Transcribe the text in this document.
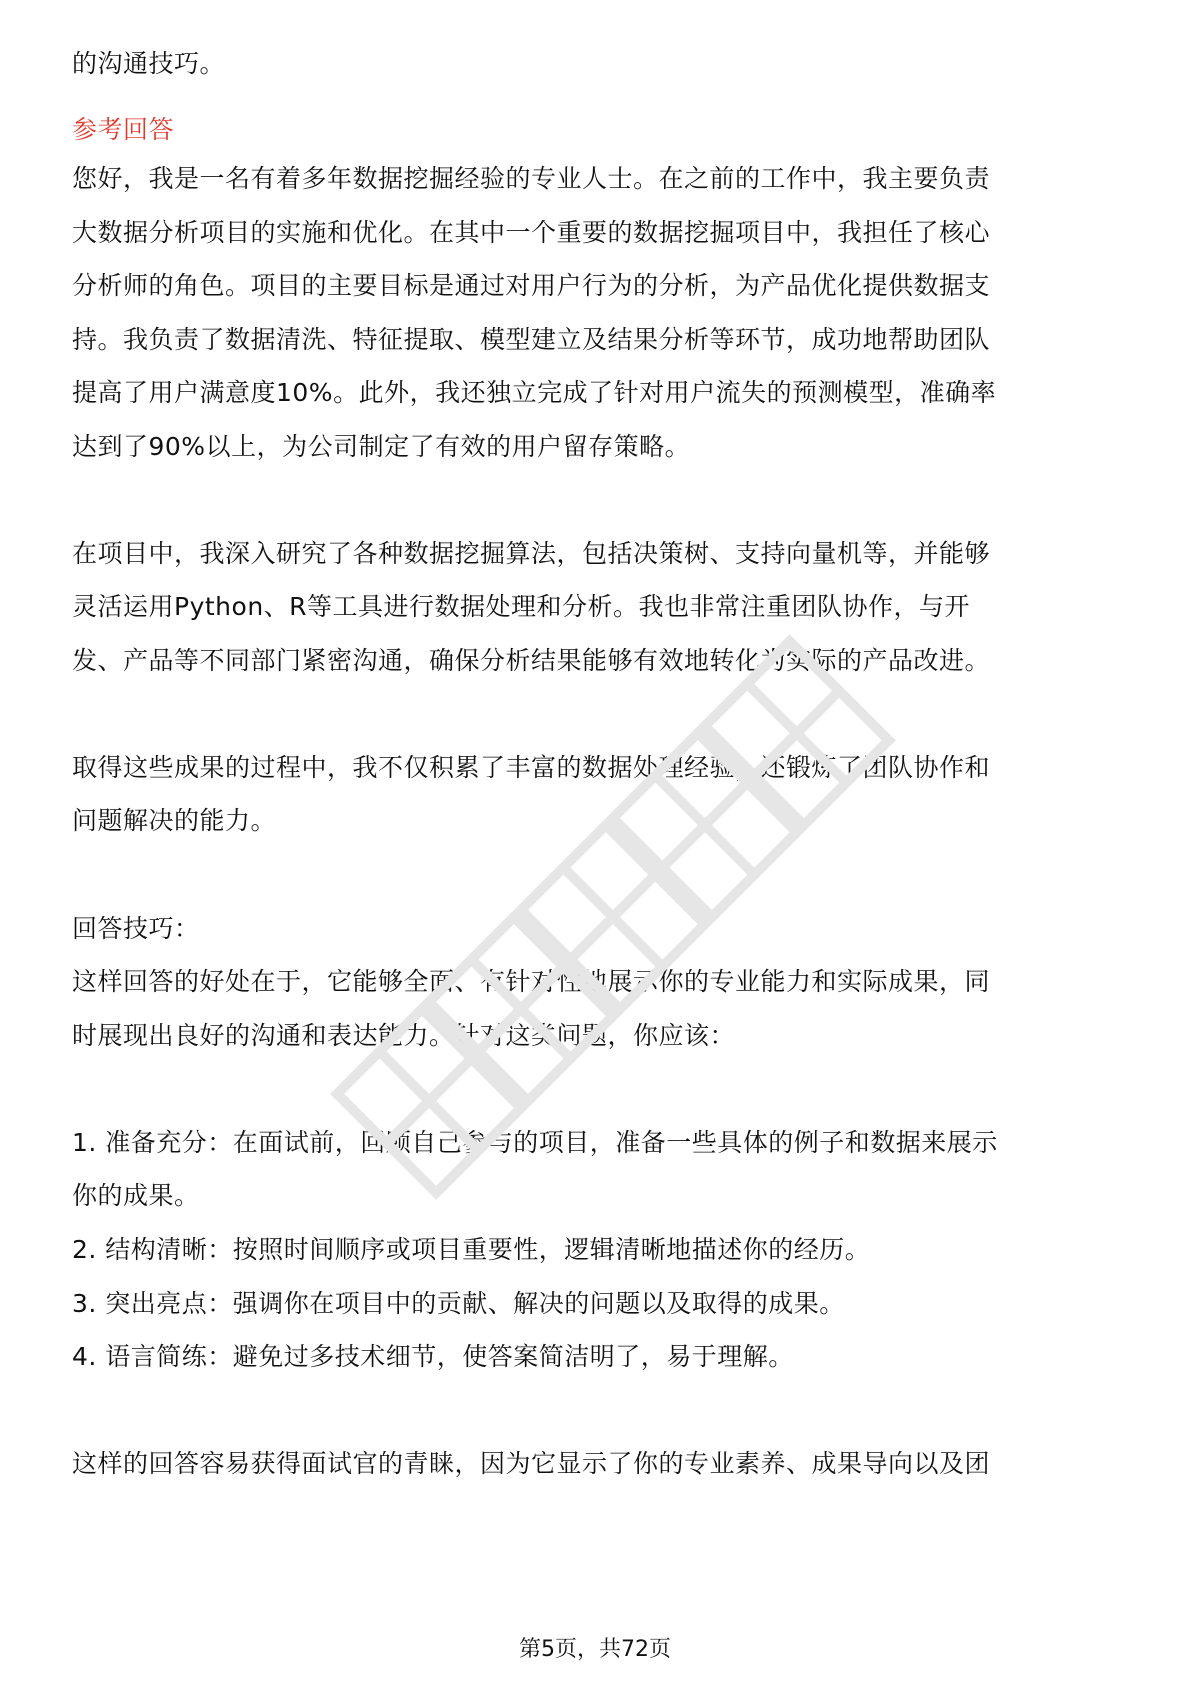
的沟通技巧。
参考回答
您好，我是一名有着多年数据挖掘经验的专业人士。在之前的工作中，我主要负责
大数据分析项目的实施和优化。在其中一个重要的数据挖掘项目中，我担任了核心
分析师的角色。项目的主要目标是通过对用户行为的分析，为产品优化提供数据支
持。我负责了数据清洗、特征提取、模型建立及结果分析等环节，成功地帮助团队
提高了用户满意度10%。此外，我还独立完成了针对用户流失的预测模型，准确率
达到了90%以上，为公司制定了有效的用户留存策略。
在项目中，我深入研究了各种数据挖掘算法，包括决策树、支持向量机等，并能够
灵活运用Python、R等工具进行数据处理和分析。我也非常注重团队协作，与开
发、产品等不同部门紧密沟通，确保分析结果能够有效地转化为实际的产品改进。
取得这些成果的过程中，我不仅积累了丰富的数据处理经验，还锻炼了团队协作和
问题解决的能力。
回答技巧：
这样回答的好处在于，它能够全面、有针对性地展示你的专业能力和实际成果，同
时展现出良好的沟通和表达能力。针对这类问题，你应该：
1. 准备充分：在面试前，回顾自己参与的项目，准备一些具体的例子和数据来展示
你的成果。
2. 结构清晰：按照时间顺序或项目重要性，逻辑清晰地描述你的经历。
3. 突出亮点：强调你在项目中的贡献、解决的问题以及取得的成果。
4. 语言简练：避免过多技术细节，使答案简洁明了，易于理解。
这样的回答容易获得面试官的青睐，因为它显示了你的专业素养、成果导向以及团
第5页，共72页
